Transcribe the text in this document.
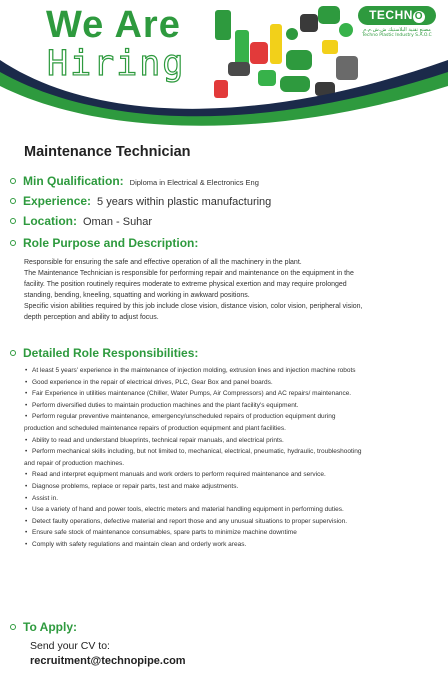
We Are
Hiring
TECHN O
مصنع تقنية البلاستيك ش.ش.م.م
Techno Plastic Industry S.A.O.C
Maintenance Technician
Min Qualification: Diploma in Electrical & Electronics Eng
Experience: 5 years within plastic manufacturing
Location: Oman - Suhar
Role Purpose and Description:
Responsible for ensuring the safe and effective operation of all the machinery in the plant.
The Maintenance Technician is responsible for performing repair and maintenance on the equipment in the
facility. The position routinely requires moderate to extreme physical exertion and may require prolonged
standing, bending, kneeling, squatting and working in awkward positions.
Specific vision abilities required by this job include close vision, distance vision, color vision, peripheral vision,
depth perception and ability to adjust focus.
Detailed Role Responsibilities:
• At least 5 years' experience in the maintenance of injection molding, extrusion lines and injection machine robots
• Good experience in the repair of electrical drives, PLC, Gear Box and panel boards.
• Fair Experience in utilities maintenance (Chiller, Water Pumps, Air Compressors) and AC repairs/ maintenance.
• Perform diversified duties to maintain production machines and the plant facility's equipment.
• Perform regular preventive maintenance, emergency/unscheduled repairs of production equipment during
production and scheduled maintenance repairs of production equipment and plant facilities.
• Ability to read and understand blueprints, technical repair manuals, and electrical prints.
• Perform mechanical skills including, but not limited to, mechanical, electrical, pneumatic, hydraulic, troubleshooting
and repair of production machines.
• Read and interpret equipment manuals and work orders to perform required maintenance and service.
• Diagnose problems, replace or repair parts, test and make adjustments.
• Assist in.
• Use a variety of hand and power tools, electric meters and material handling equipment in performing duties.
• Detect faulty operations, defective material and report those and any unusual situations to proper supervision.
• Ensure safe stock of maintenance consumables, spare parts to minimize machine downtime
• Comply with safety regulations and maintain clean and orderly work areas.
To Apply:
Send your CV to:
recruitment@technopipe.com
